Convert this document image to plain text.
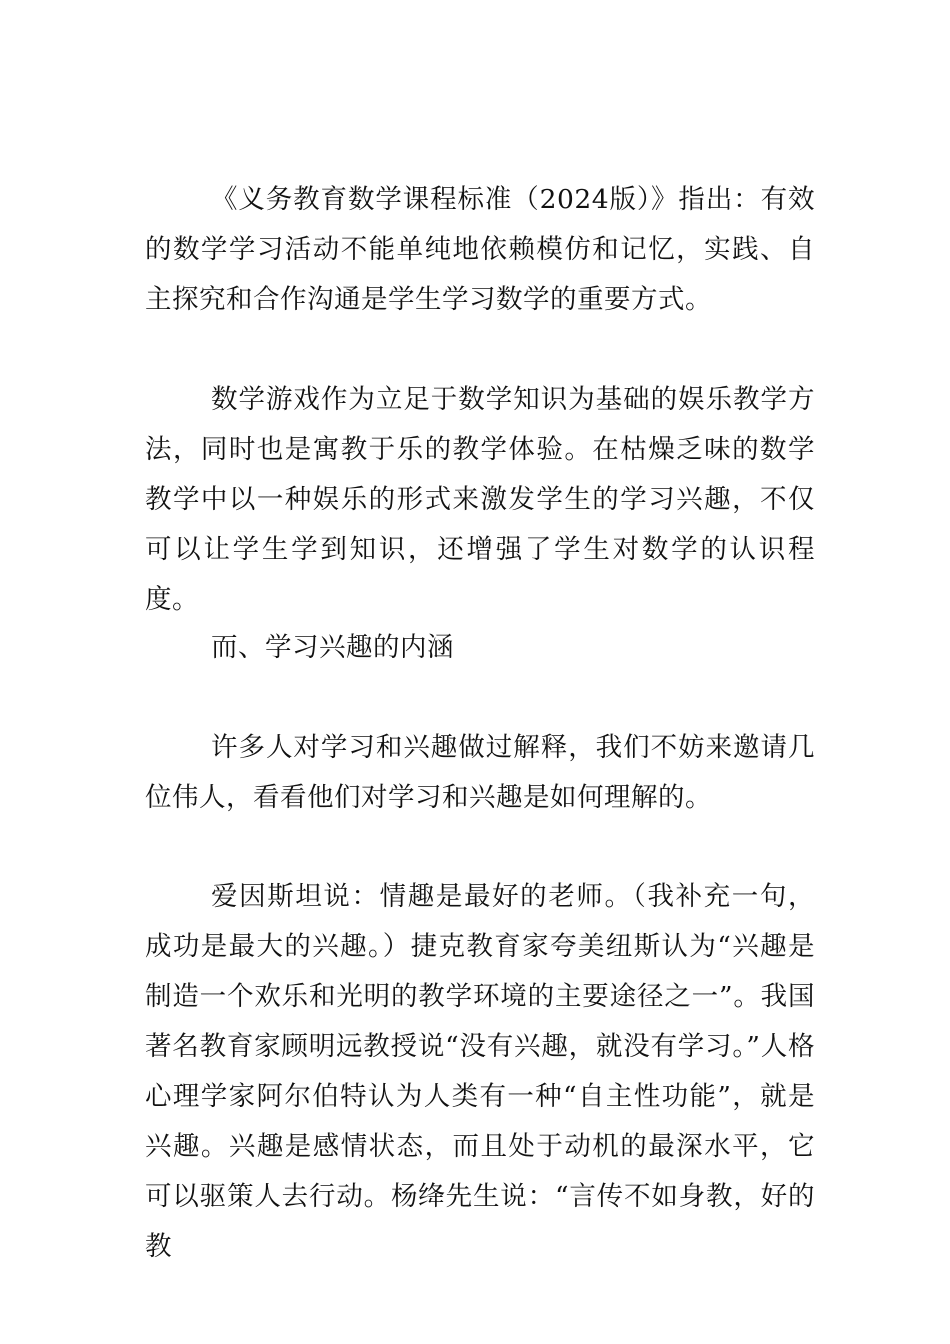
《义务教育数学课程标准（2024版）》指出：有效的数学学习活动不能单纯地依赖模仿和记忆，实践、自主探究和合作沟通是学生学习数学的重要方式。

数学游戏作为立足于数学知识为基础的娱乐教学方法，同时也是寓教于乐的教学体验。在枯燥乏味的数学教学中以一种娱乐的形式来激发学生的学习兴趣，不仅可以让学生学到知识，还增强了学生对数学的认识程度。

而、学习兴趣的内涵

许多人对学习和兴趣做过解释，我们不妨来邀请几位伟人，看看他们对学习和兴趣是如何理解的。

爱因斯坦说：情趣是最好的老师。（我补充一句，成功是最大的兴趣。）捷克教育家夸美纽斯认为“兴趣是制造一个欢乐和光明的教学环境的主要途径之一”。我国著名教育家顾明远教授说“没有兴趣，就没有学习。”人格心理学家阿尔伯特认为人类有一种“自主性功能”，就是兴趣。兴趣是感情状态，而且处于动机的最深水平，它可以驱策人去行动。杨绛先生说：“言传不如身教，好的教
